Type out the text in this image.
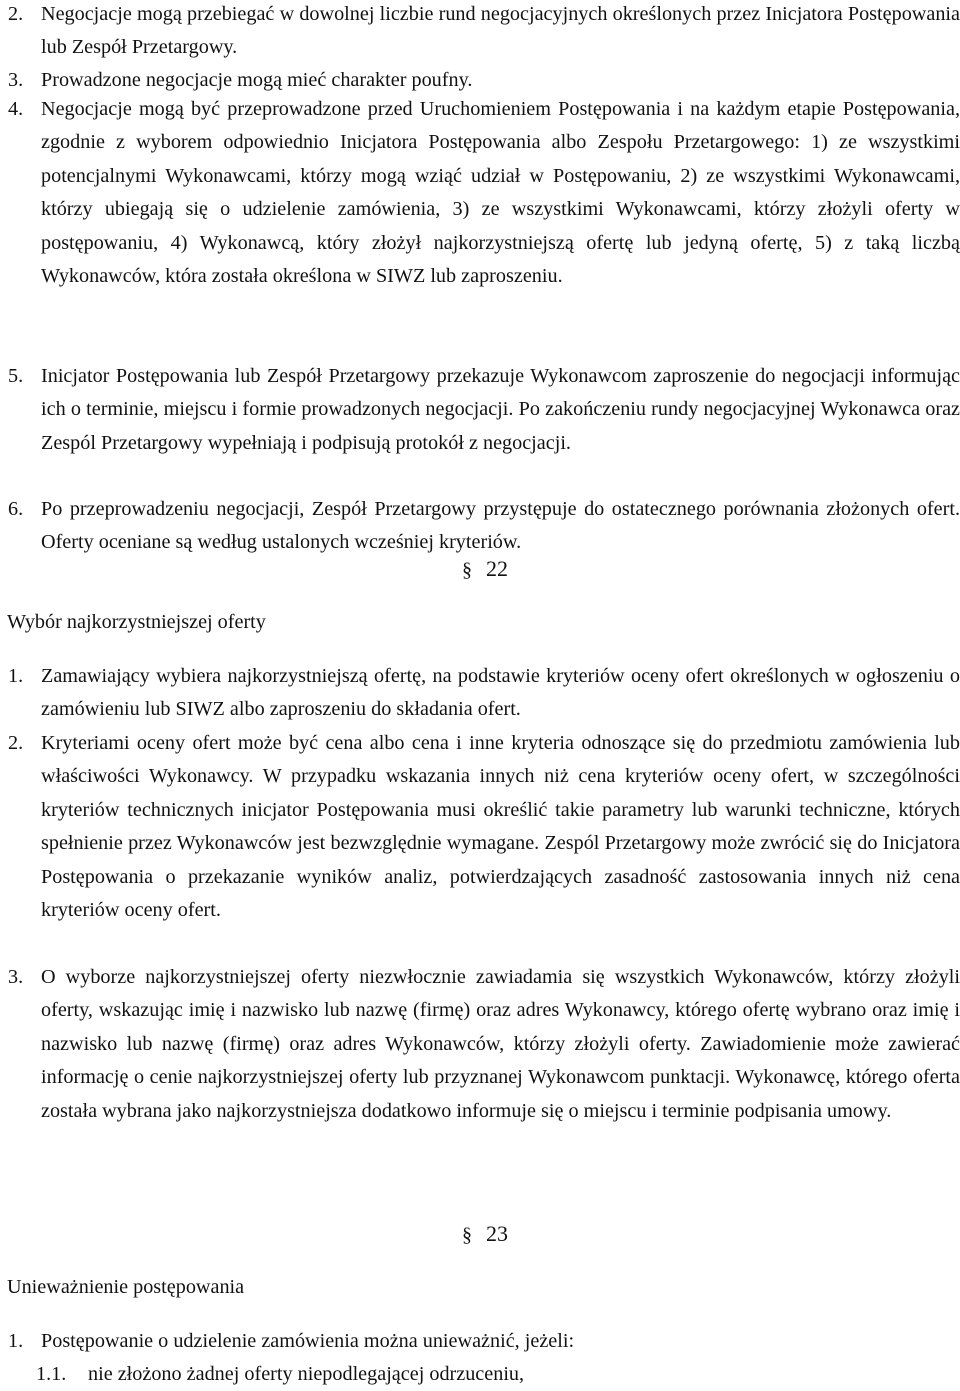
2. Negocjacje mogą przebiegać w dowolnej liczbie rund negocjacyjnych określonych przez Inicjatora Postępowania lub Zespół Przetargowy.
3. Prowadzone negocjacje mogą mieć charakter poufny.
4. Negocjacje mogą być przeprowadzone przed Uruchomieniem Postępowania i na każdym etapie Postępowania, zgodnie z wyborem odpowiednio Inicjatora Postępowania albo Zespołu Przetargowego: 1) ze wszystkimi potencjalnymi Wykonawcami, którzy mogą wziąć udział w Postępowaniu, 2) ze wszystkimi Wykonawcami, którzy ubiegają się o udzielenie zamówienia, 3) ze wszystkimi Wykonawcami, którzy złożyli oferty w postępowaniu, 4) Wykonawcą, który złożył najkorzystniejszą ofertę lub jedyną ofertę, 5) z taką liczbą Wykonawców, która została określona w SIWZ lub zaproszeniu.
5. Inicjator Postępowania lub Zespół Przetargowy przekazuje Wykonawcom zaproszenie do negocjacji informując ich o terminie, miejscu i formie prowadzonych negocjacji. Po zakończeniu rundy negocjacyjnej Wykonawca oraz Zespól Przetargowy wypełniają i podpisują protokół z negocjacji.
6. Po przeprowadzeniu negocjacji, Zespół Przetargowy przystępuje do ostatecznego porównania złożonych ofert. Oferty oceniane są według ustalonych wcześniej kryteriów.
§ 22
Wybór najkorzystniejszej oferty
1. Zamawiający wybiera najkorzystniejszą ofertę, na podstawie kryteriów oceny ofert określonych w ogłoszeniu o zamówieniu lub SIWZ albo zaproszeniu do składania ofert.
2. Kryteriami oceny ofert może być cena albo cena i inne kryteria odnoszące się do przedmiotu zamówienia lub właściwości Wykonawcy. W przypadku wskazania innych niż cena kryteriów oceny ofert, w szczególności kryteriów technicznych inicjator Postępowania musi określić takie parametry lub warunki techniczne, których spełnienie przez Wykonawców jest bezwzględnie wymagane. Zespól Przetargowy może zwrócić się do Inicjatora Postępowania o przekazanie wyników analiz, potwierdzających zasadność zastosowania innych niż cena kryteriów oceny ofert.
3. O wyborze najkorzystniejszej oferty niezwłocznie zawiadamia się wszystkich Wykonawców, którzy złożyli oferty, wskazując imię i nazwisko lub nazwę (firmę) oraz adres Wykonawcy, którego ofertę wybrano oraz imię i nazwisko lub nazwę (firmę) oraz adres Wykonawców, którzy złożyli oferty. Zawiadomienie może zawierać informację o cenie najkorzystniejszej oferty lub przyznanej Wykonawcom punktacji. Wykonawcę, którego oferta została wybrana jako najkorzystniejsza dodatkowo informuje się o miejscu i terminie podpisania umowy.
§ 23
Unieważnienie postępowania
1. Postępowanie o udzielenie zamówienia można unieważnić, jeżeli:
1.1. nie złożono żadnej oferty niepodlegającej odrzuceniu,
